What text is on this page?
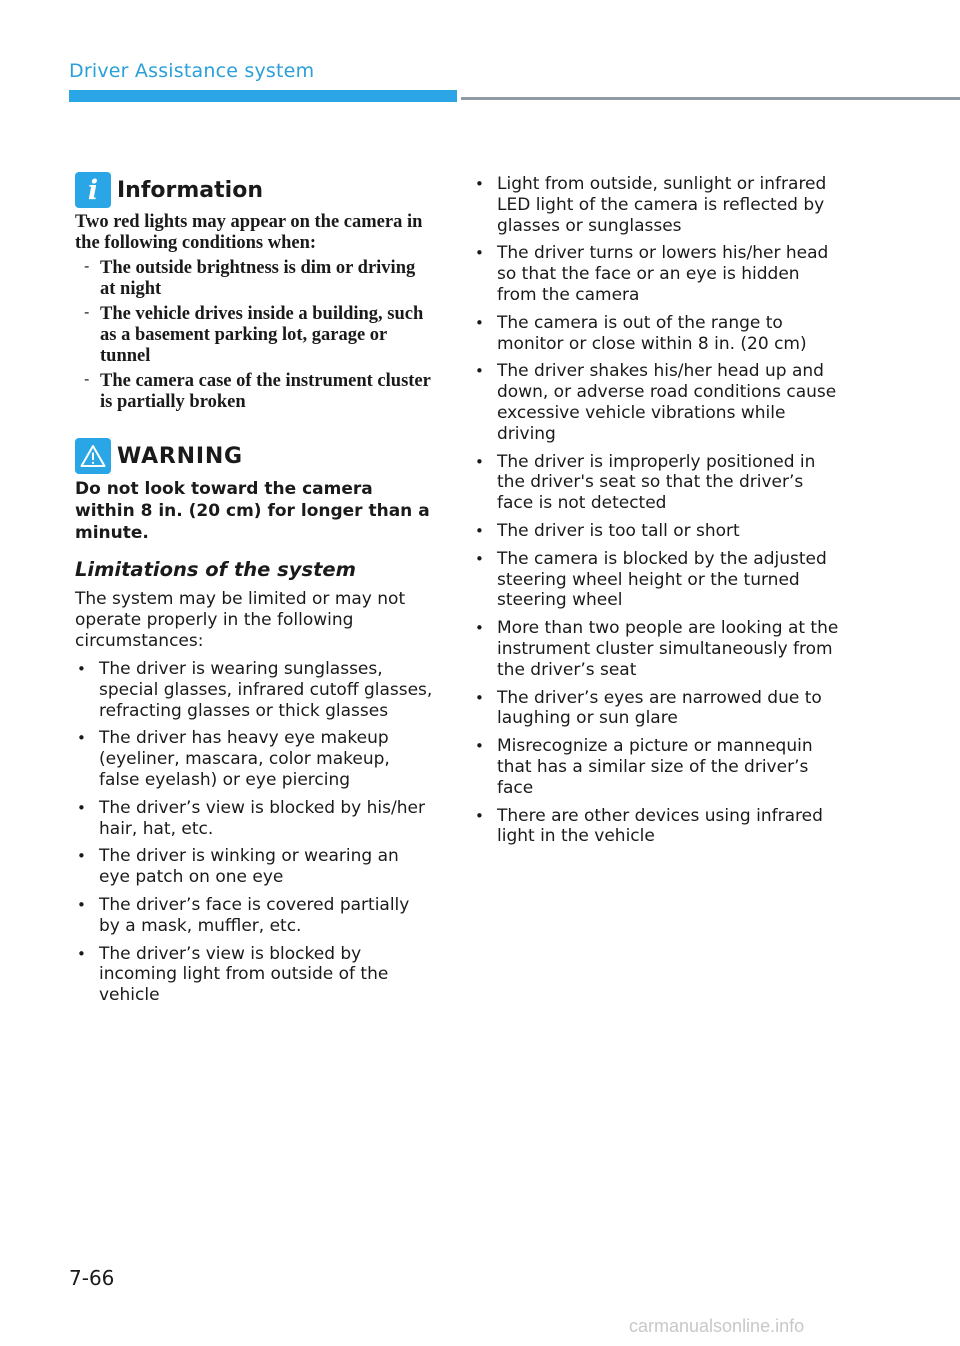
Driver Assistance system
i Information
Two red lights may appear on the camera in the following conditions when:
- The outside brightness is dim or driving at night
- The vehicle drives inside a building, such as a basement parking lot, garage or tunnel
- The camera case of the instrument cluster is partially broken
WARNING
Do not look toward the camera within 8 in. (20 cm) for longer than a minute.
Limitations of the system
The system may be limited or may not operate properly in the following circumstances:
• The driver is wearing sunglasses, special glasses, infrared cutoff glasses, refracting glasses or thick glasses
• The driver has heavy eye makeup (eyeliner, mascara, color makeup, false eyelash) or eye piercing
• The driver’s view is blocked by his/her hair, hat, etc.
• The driver is winking or wearing an eye patch on one eye
• The driver’s face is covered partially by a mask, muffler, etc.
• The driver’s view is blocked by incoming light from outside of the vehicle
• Light from outside, sunlight or infrared LED light of the camera is reflected by glasses or sunglasses
• The driver turns or lowers his/her head so that the face or an eye is hidden from the camera
• The camera is out of the range to monitor or close within 8 in. (20 cm)
• The driver shakes his/her head up and down, or adverse road conditions cause excessive vehicle vibrations while driving
• The driver is improperly positioned in the driver's seat so that the driver’s face is not detected
• The driver is too tall or short
• The camera is blocked by the adjusted steering wheel height or the turned steering wheel
• More than two people are looking at the instrument cluster simultaneously from the driver’s seat
• The driver’s eyes are narrowed due to laughing or sun glare
• Misrecognize a picture or mannequin that has a similar size of the driver’s face
• There are other devices using infrared light in the vehicle
7-66
carmanualsonline.info
